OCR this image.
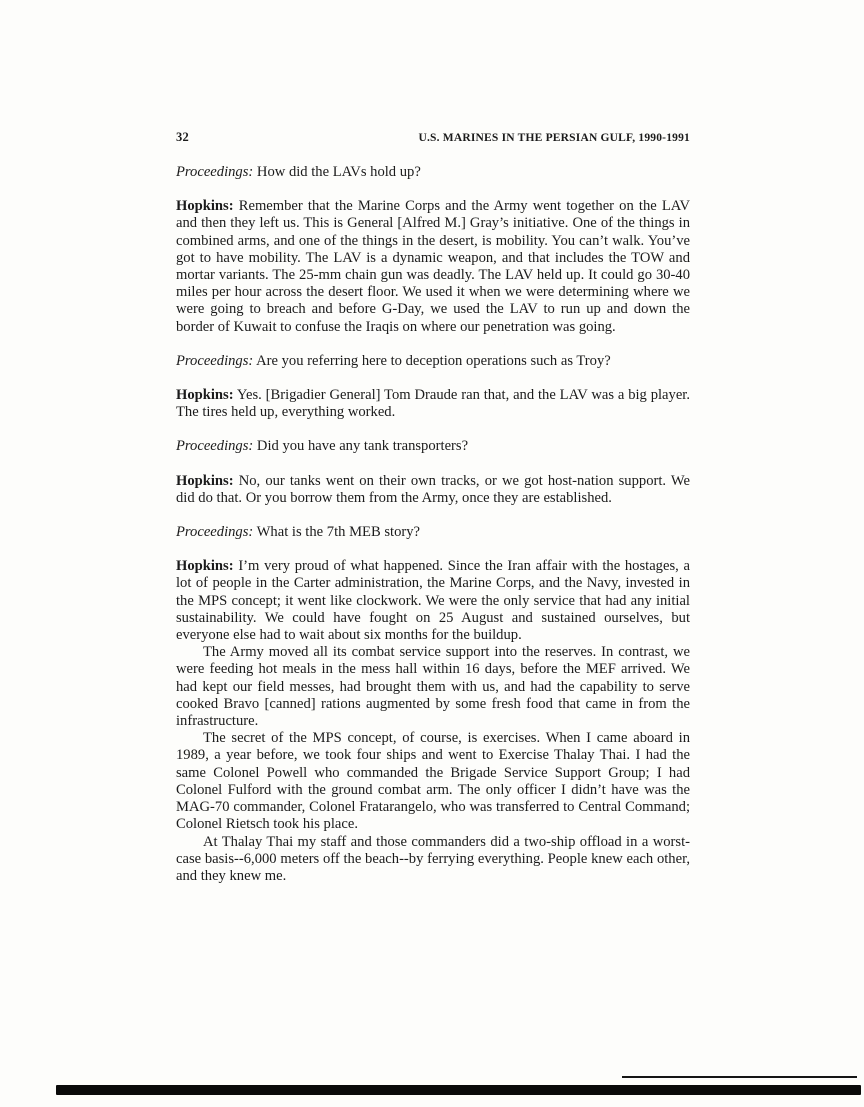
32	U.S. MARINES IN THE PERSIAN GULF, 1990-1991

Proceedings: How did the LAVs hold up?

Hopkins: Remember that the Marine Corps and the Army went together on the LAV and then they left us. This is General [Alfred M.] Gray’s initiative. One of the things in combined arms, and one of the things in the desert, is mobility. You can’t walk. You’ve got to have mobility. The LAV is a dynamic weapon, and that includes the TOW and mortar variants. The 25-mm chain gun was deadly. The LAV held up. It could go 30-40 miles per hour across the desert floor. We used it when we were determining where we were going to breach and before G-Day, we used the LAV to run up and down the border of Kuwait to confuse the Iraqis on where our penetration was going.

Proceedings: Are you referring here to deception operations such as Troy?

Hopkins: Yes. [Brigadier General] Tom Draude ran that, and the LAV was a big player. The tires held up, everything worked.

Proceedings: Did you have any tank transporters?

Hopkins: No, our tanks went on their own tracks, or we got host-nation support. We did do that. Or you borrow them from the Army, once they are established.

Proceedings: What is the 7th MEB story?

Hopkins: I’m very proud of what happened. Since the Iran affair with the hostages, a lot of people in the Carter administration, the Marine Corps, and the Navy, invested in the MPS concept; it went like clockwork. We were the only service that had any initial sustainability. We could have fought on 25 August and sustained ourselves, but everyone else had to wait about six months for the buildup.

The Army moved all its combat service support into the reserves. In contrast, we were feeding hot meals in the mess hall within 16 days, before the MEF arrived. We had kept our field messes, had brought them with us, and had the capability to serve cooked Bravo [canned] rations augmented by some fresh food that came in from the infrastructure.

The secret of the MPS concept, of course, is exercises. When I came aboard in 1989, a year before, we took four ships and went to Exercise Thalay Thai. I had the same Colonel Powell who commanded the Brigade Service Support Group; I had Colonel Fulford with the ground combat arm. The only officer I didn’t have was the MAG-70 commander, Colonel Fratarangelo, who was transferred to Central Command; Colonel Rietsch took his place.

At Thalay Thai my staff and those commanders did a two-ship offload in a worst-case basis--6,000 meters off the beach--by ferrying everything. People knew each other, and they knew me.
